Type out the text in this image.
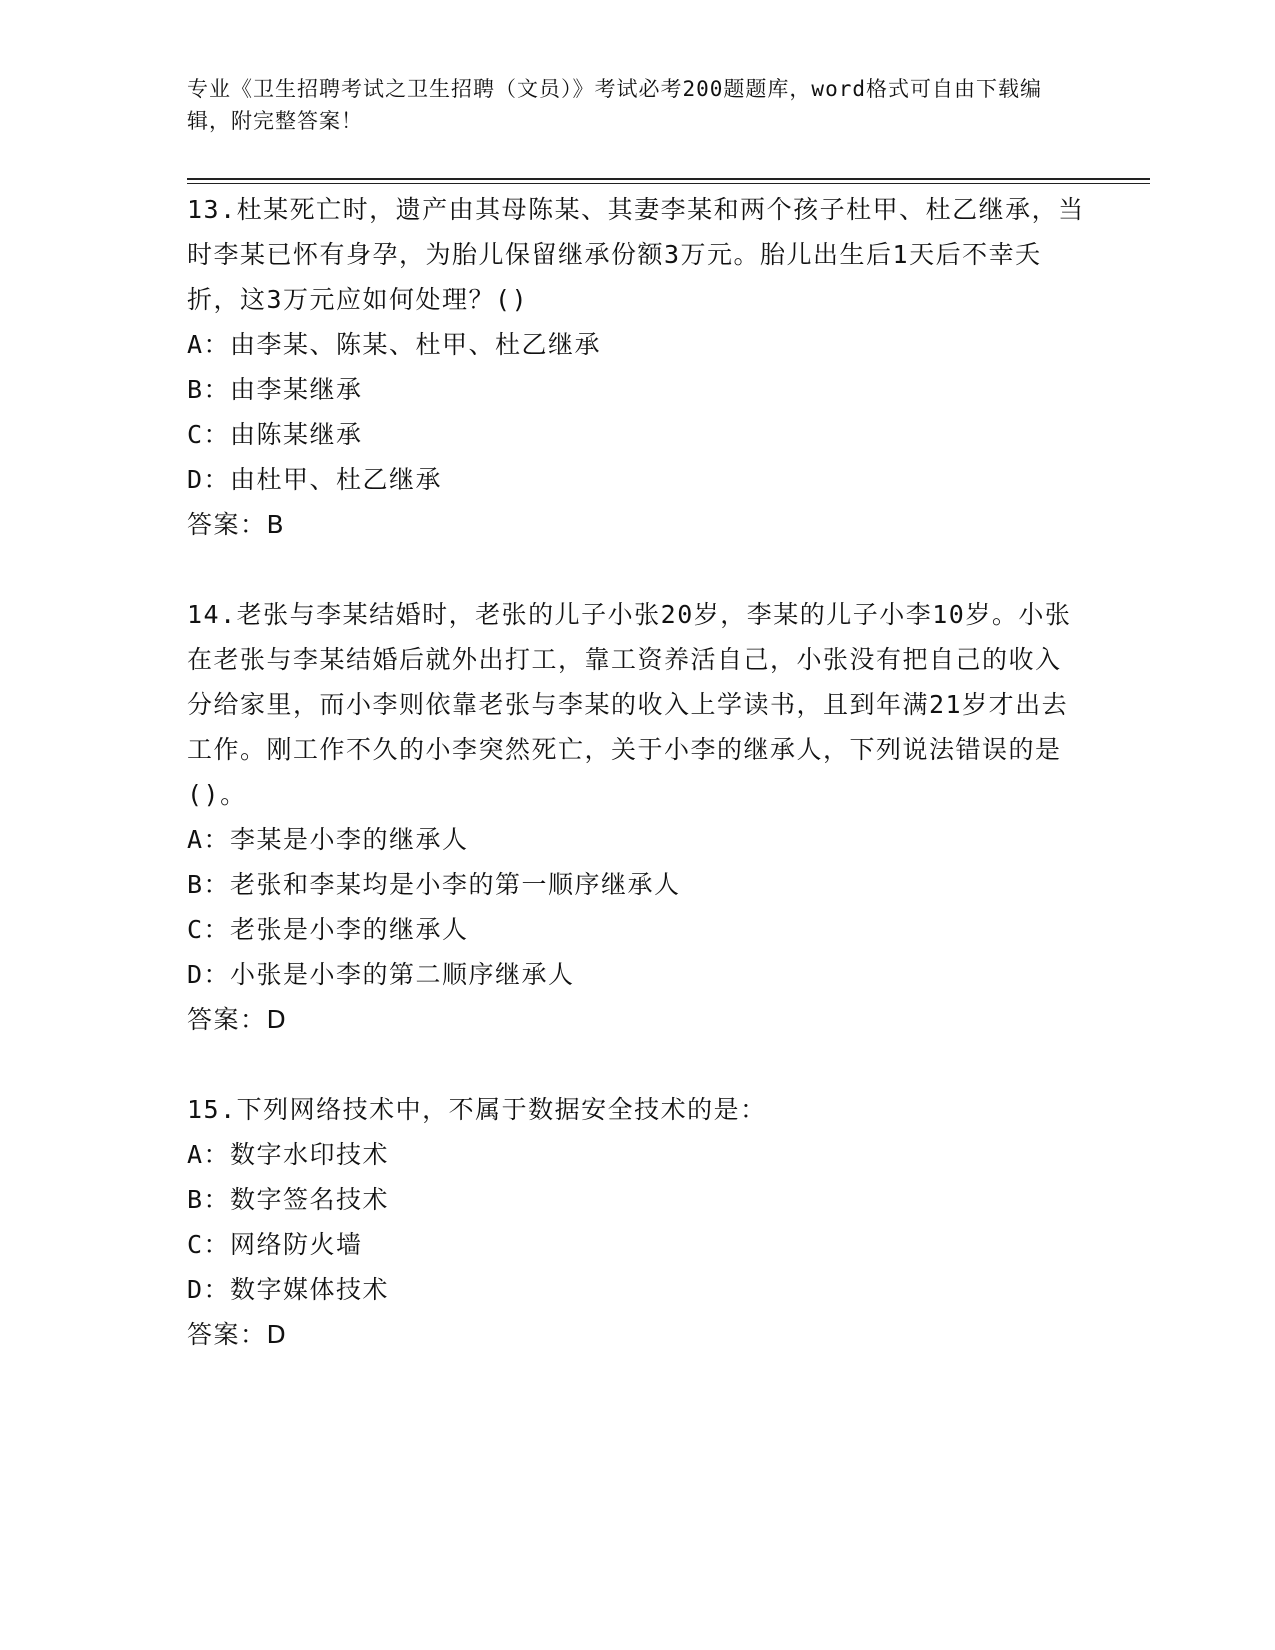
专业《卫生招聘考试之卫生招聘（文员）》考试必考200题题库，word格式可自由下载编辑，附完整答案！

13.杜某死亡时，遗产由其母陈某、其妻李某和两个孩子杜甲、杜乙继承，当时李某已怀有身孕，为胎儿保留继承份额3万元。胎儿出生后1天后不幸夭折，这3万元应如何处理？()

A：由李某、陈某、杜甲、杜乙继承

B：由李某继承

C：由陈某继承

D：由杜甲、杜乙继承

答案：B

14.老张与李某结婚时，老张的儿子小张20岁，李某的儿子小李10岁。小张在老张与李某结婚后就外出打工，靠工资养活自己，小张没有把自己的收入分给家里，而小李则依靠老张与李某的收入上学读书，且到年满21岁才出去工作。刚工作不久的小李突然死亡，关于小李的继承人，下列说法错误的是()。

A：李某是小李的继承人

B：老张和李某均是小李的第一顺序继承人

C：老张是小李的继承人

D：小张是小李的第二顺序继承人

答案：D

15.下列网络技术中，不属于数据安全技术的是：

A：数字水印技术

B：数字签名技术

C：网络防火墙

D：数字媒体技术

答案：D
